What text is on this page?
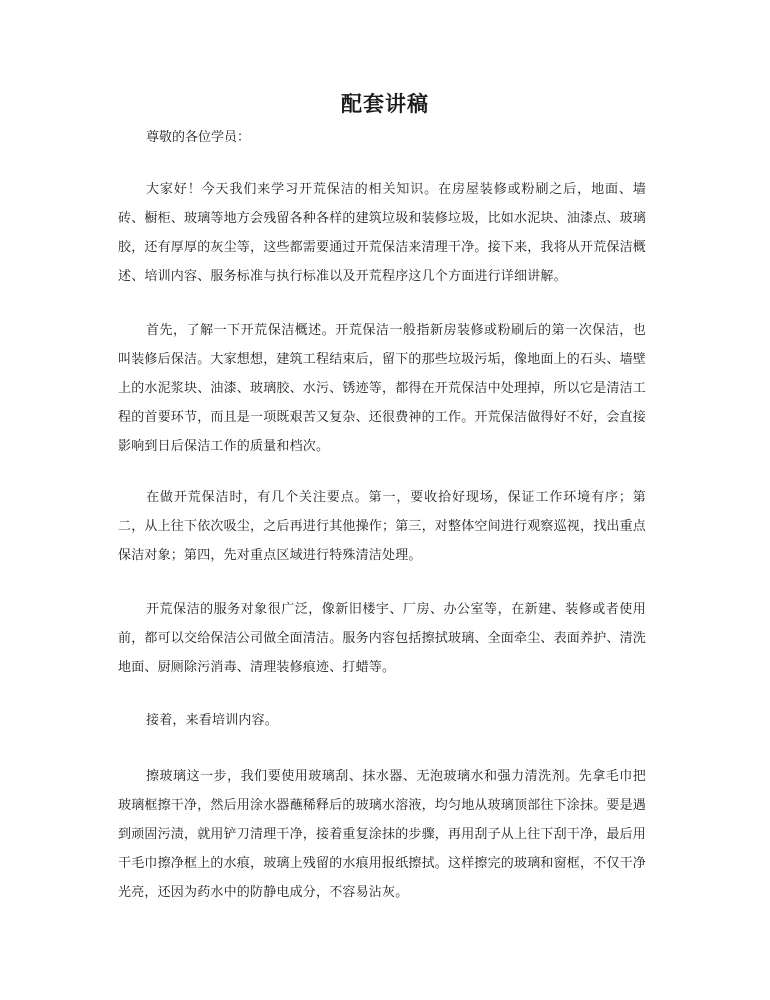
配套讲稿

尊敬的各位学员：

大家好！今天我们来学习开荒保洁的相关知识。在房屋装修或粉刷之后，地面、墙砖、橱柜、玻璃等地方会残留各种各样的建筑垃圾和装修垃圾，比如水泥块、油漆点、玻璃胶，还有厚厚的灰尘等，这些都需要通过开荒保洁来清理干净。接下来，我将从开荒保洁概述、培训内容、服务标准与执行标准以及开荒程序这几个方面进行详细讲解。

首先，了解一下开荒保洁概述。开荒保洁一般指新房装修或粉刷后的第一次保洁，也叫装修后保洁。大家想想，建筑工程结束后，留下的那些垃圾污垢，像地面上的石头、墙壁上的水泥浆块、油漆、玻璃胶、水污、锈迹等，都得在开荒保洁中处理掉，所以它是清洁工程的首要环节，而且是一项既艰苦又复杂、还很费神的工作。开荒保洁做得好不好，会直接影响到日后保洁工作的质量和档次。

在做开荒保洁时，有几个关注要点。第一，要收拾好现场，保证工作环境有序；第二，从上往下依次吸尘，之后再进行其他操作；第三，对整体空间进行观察巡视，找出重点保洁对象；第四，先对重点区域进行特殊清洁处理。

开荒保洁的服务对象很广泛，像新旧楼宇、厂房、办公室等，在新建、装修或者使用前，都可以交给保洁公司做全面清洁。服务内容包括擦拭玻璃、全面牵尘、表面养护、清洗地面、厨厕除污消毒、清理装修痕迹、打蜡等。

接着，来看培训内容。

擦玻璃这一步，我们要使用玻璃刮、抹水器、无泡玻璃水和强力清洗剂。先拿毛巾把玻璃框擦干净，然后用涂水器蘸稀释后的玻璃水溶液，均匀地从玻璃顶部往下涂抹。要是遇到顽固污渍，就用铲刀清理干净，接着重复涂抹的步骤，再用刮子从上往下刮干净，最后用干毛巾擦净框上的水痕，玻璃上残留的水痕用报纸擦拭。这样擦完的玻璃和窗框，不仅干净光亮，还因为药水中的防静电成分，不容易沾灰。
